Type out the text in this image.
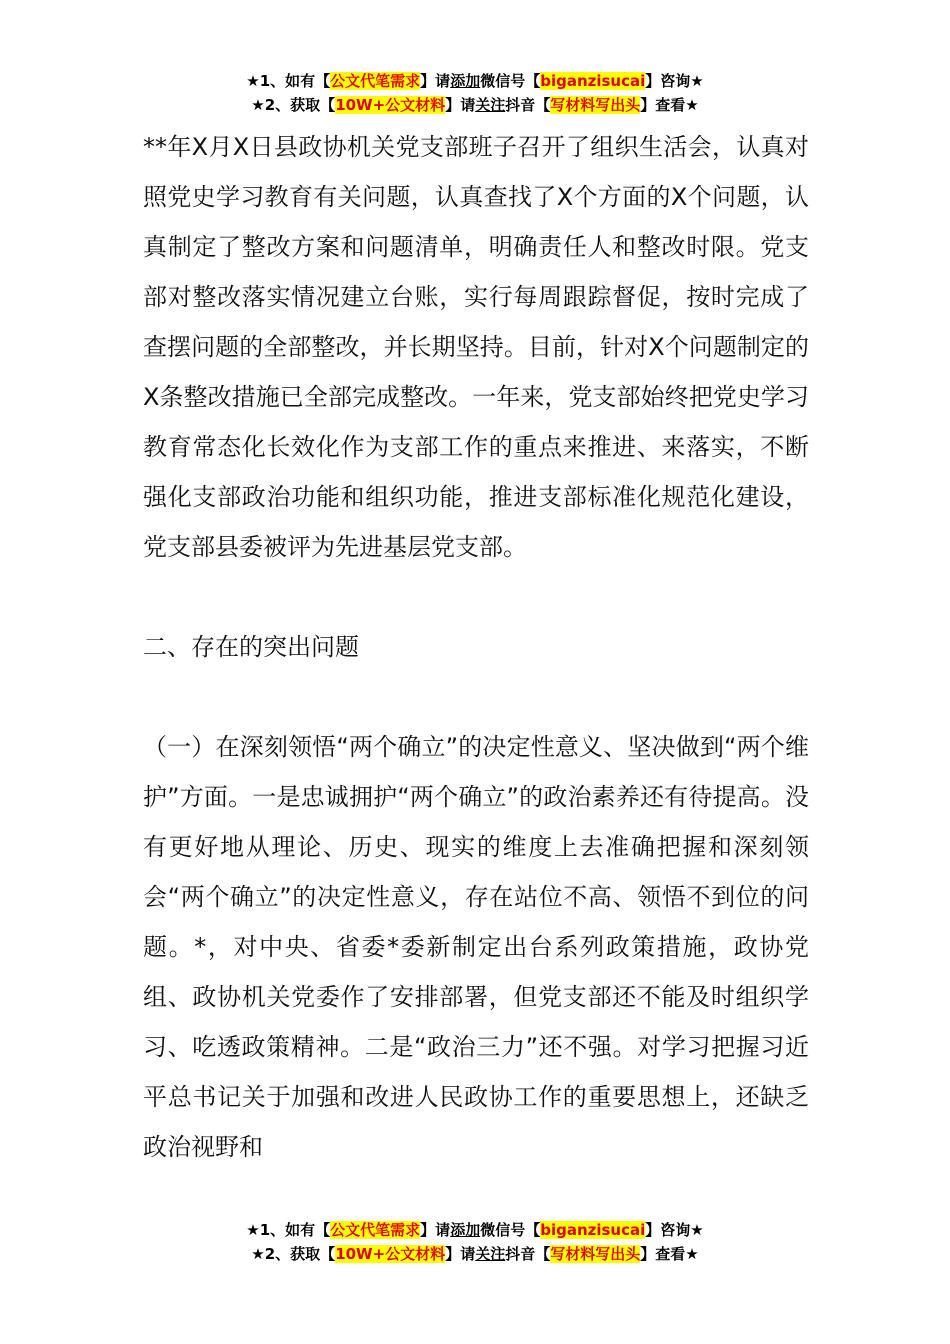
★1、如有【公文代笔需求】请添加微信号【biganzisucai】咨询★
★2、获取【10W+公文材料】请关注抖音【写材料写出头】查看★

**年X月X日县政协机关党支部班子召开了组织生活会，认真对照党史学习教育有关问题，认真查找了X个方面的X个问题，认真制定了整改方案和问题清单，明确责任人和整改时限。党支部对整改落实情况建立台账，实行每周跟踪督促，按时完成了查摆问题的全部整改，并长期坚持。目前，针对X个问题制定的X条整改措施已全部完成整改。一年来，党支部始终把党史学习教育常态化长效化作为支部工作的重点来推进、来落实，不断强化支部政治功能和组织功能，推进支部标准化规范化建设，党支部县委被评为先进基层党支部。

二、存在的突出问题

（一）在深刻领悟“两个确立”的决定性意义、坚决做到“两个维护”方面。一是忠诚拥护“两个确立”的政治素养还有待提高。没有更好地从理论、历史、现实的维度上去准确把握和深刻领会“两个确立”的决定性意义，存在站位不高、领悟不到位的问题。*，对中央、省委*委新制定出台系列政策措施，政协党组、政协机关党委作了安排部署，但党支部还不能及时组织学习、吃透政策精神。二是“政治三力”还不强。对学习把握习近平总书记关于加强和改进人民政协工作的重要思想上，还缺乏政治视野和

★1、如有【公文代笔需求】请添加微信号【biganzisucai】咨询★
★2、获取【10W+公文材料】请关注抖音【写材料写出头】查看★
